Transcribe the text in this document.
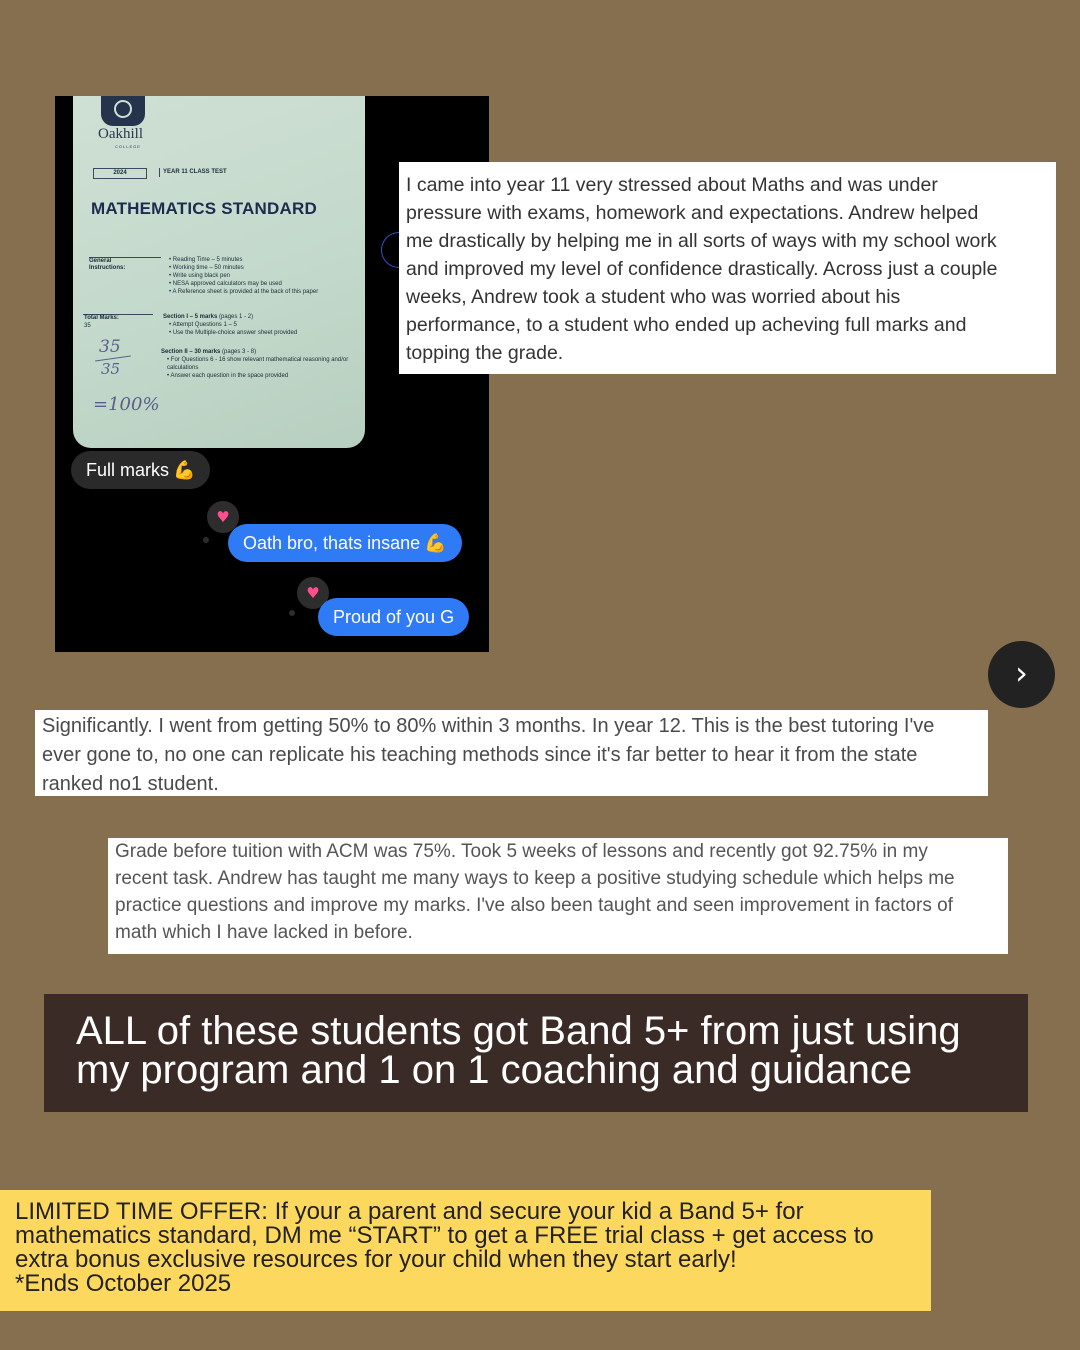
Oakhill
COLLEGE
2024	YEAR 11 CLASS TEST
MATHEMATICS STANDARD
General Instructions:
• Reading Time – 5 minutes
• Working time – 50 minutes
• Write using black pen
• NESA approved calculators may be used
• A Reference sheet is provided at the back of this paper
Total Marks:
35
Section I – 5 marks (pages 1 - 2)
• Attempt Questions 1 – 5
• Use the Multiple-choice answer sheet provided
Section II – 30 marks (pages 3 - 8)
• For Questions 6 - 16 show relevant mathematical reasoning and/or calculations
• Answer each question in the space provided
35
35
=100%
Full marks 💪
♥
Oath bro, thats insane 💪
♥
Proud of you G

I came into year 11 very stressed about Maths and was under

pressure with exams, homework and expectations. Andrew helped

me drastically by helping me in all sorts of ways with my school work

and improved my level of confidence drastically. Across just a couple

weeks, Andrew took a student who was worried about his

performance, to a student who ended up acheving full marks and

topping the grade.

›

Significantly. I went from getting 50% to 80% within 3 months. In year 12. This is the best tutoring I've

ever gone to, no one can replicate his teaching methods since it's far better to hear it from the state

ranked no1 student.

Grade before tuition with ACM was 75%. Took 5 weeks of lessons and recently got 92.75% in my

recent task. Andrew has taught me many ways to keep a positive studying schedule which helps me

practice questions and improve my marks. I've also been taught and seen improvement in factors of

math which I have lacked in before.

ALL of these students got Band 5+ from just using
my program and 1 on 1 coaching and guidance
LIMITED TIME OFFER: If your a parent and secure your kid a Band 5+ for
mathematics standard, DM me “START” to get a FREE trial class + get access to
extra bonus exclusive resources for your child when they start early!
*Ends October 2025
